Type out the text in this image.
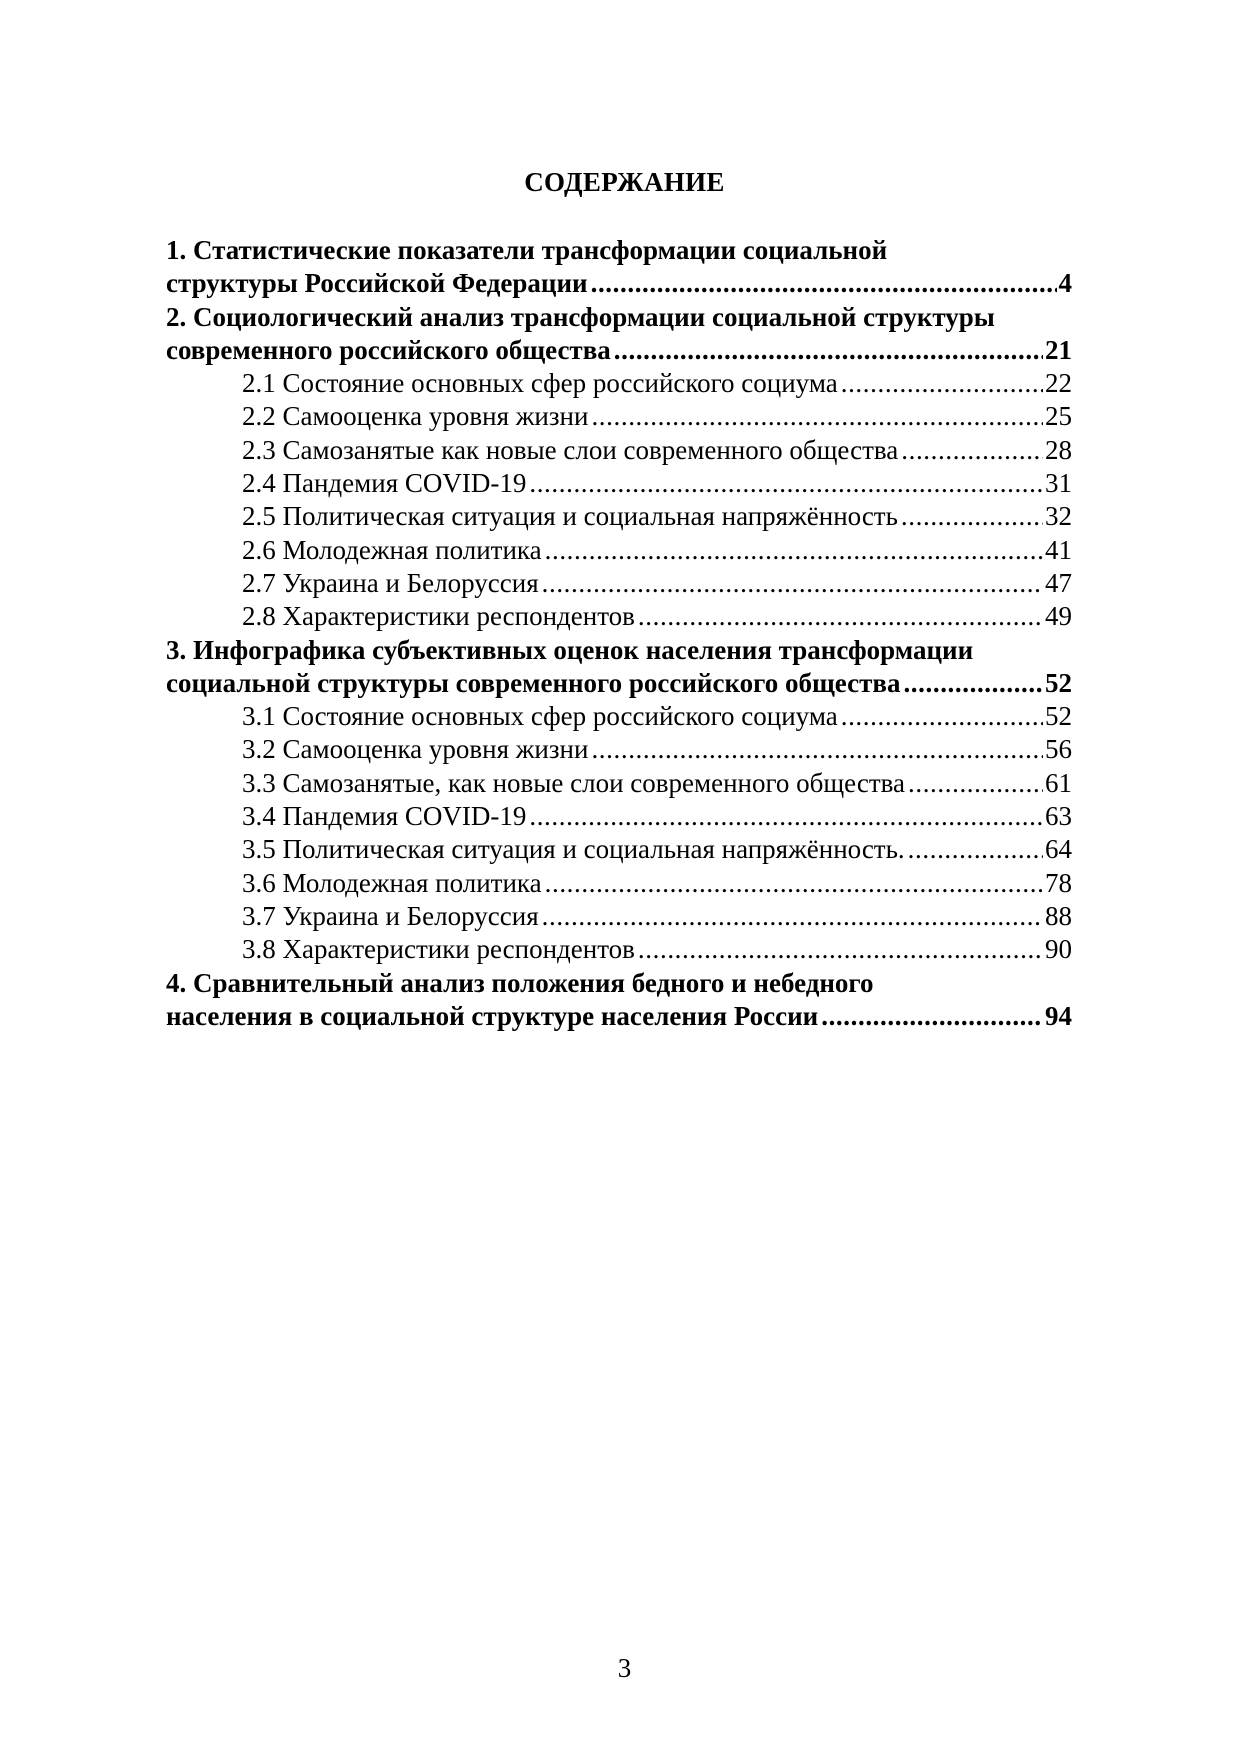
СОДЕРЖАНИЕ
1. Статистические показатели трансформации социальной
структуры Российской Федерации .....	4
2. Социологический анализ трансформации социальной структуры
современного российского общества .....	21
2.1 Состояние основных сфер российского социума .....	22
2.2 Самооценка уровня жизни .....	25
2.3 Самозанятые как новые слои современного общества .....	28
2.4 Пандемия COVID-19 .....	31
2.5 Политическая ситуация и социальная напряжённость .....	32
2.6 Молодежная политика .....	41
2.7 Украина и Белоруссия .....	47
2.8 Характеристики респондентов .....	49
3. Инфографика субъективных оценок населения трансформации
социальной структуры современного российского общества .....	52
3.1 Состояние основных сфер российского социума .....	52
3.2 Самооценка уровня жизни .....	56
3.3 Самозанятые, как новые слои современного общества .....	61
3.4 Пандемия COVID-19 .....	63
3.5 Политическая ситуация и социальная напряжённость. .....	64
3.6 Молодежная политика .....	78
3.7 Украина и Белоруссия .....	88
3.8 Характеристики респондентов .....	90
4. Сравнительный анализ положения бедного и небедного
населения в социальной структуре населения России .....	94
3
